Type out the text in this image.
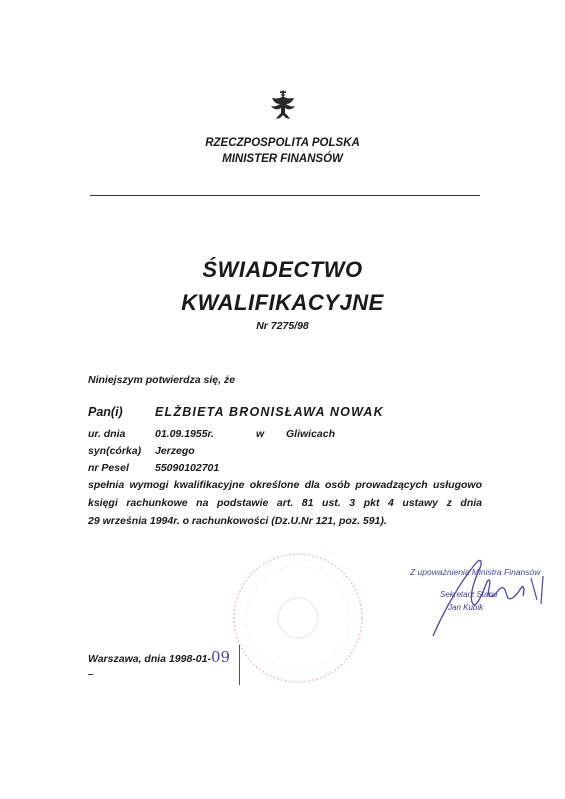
RZECZPOSPOLITA POLSKA
MINISTER FINANSÓW
ŚWIADECTWO
KWALIFIKACYJNE
Nr 7275/98
Niniejszym potwierdza się, że
Pan(i)	ELŻBIETA BRONISŁAWA NOWAK
ur. dnia	01.09.1955r.	w Gliwicach
syn(córka) Jerzego
nr Pesel 55090102701
spełnia wymogi kwalifikacyjne określone dla osób prowadzących usługowo
księgi rachunkowe na podstawie art. 81 ust. 3 pkt 4 ustawy z dnia
29 września 1994r. o rachunkowości (Dz.U.Nr 121, poz. 591).
Z upoważnienia Ministra Finansów
Sekretarz Stanu
Jan Kubik
Warszawa, dnia 1998-01-09
